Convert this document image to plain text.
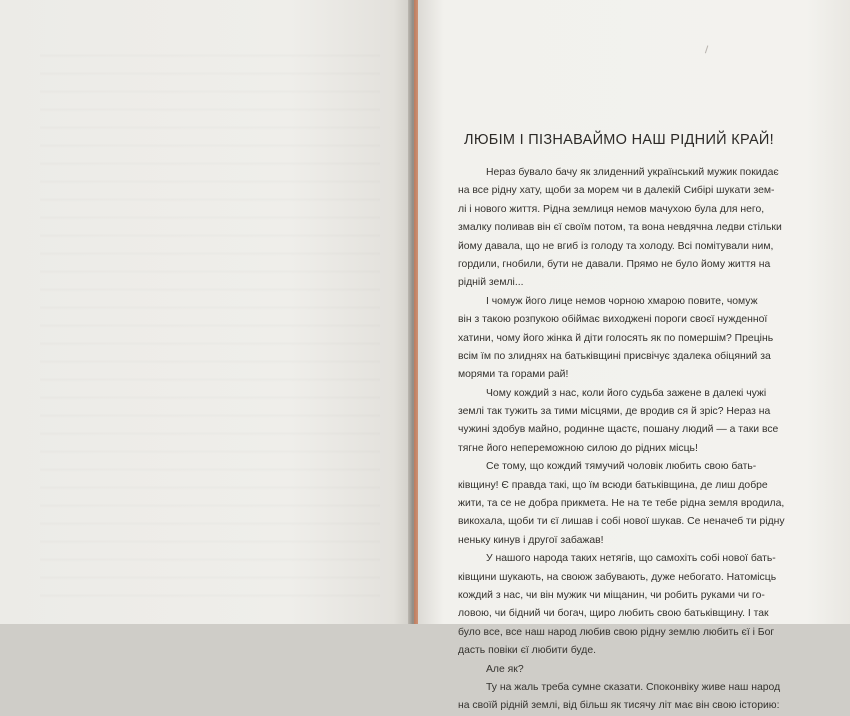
ЛЮБІМ І ПІЗНАВАЙМО НАШ РІДНИЙ КРАЙ!
Нераз бувало бачу як злиденний український мужик покидає
на все рідну хату, щоби за морем чи в далекій Сибірі шукати зем-
лі і нового життя. Рідна землиця немов мачухою була для него,
змалку поливав він єї своїм потом, та вона невдячна ледви стільки
йому давала, що не вгиб із голоду та холоду. Всі помітували ним,
гордили, гнобили, бути не давали. Прямо не було йому життя на
рідній землі...
І чомуж його лице немов чорною хмарою повите, чомуж
він з такою розпукою обіймає виходжені пороги своєї нужденної
хатини, чому його жінка й діти голосять як по помершім? Прецінь
всім їм по злиднях на батьківщині присвічує здалека обіцяний за
морями та горами рай!
Чому кождий з нас, коли його судьба зажене в далекі чужі
землі так тужить за тими місцями, де вродив ся й зріс? Нераз на
чужині здобув майно, родинне щастє, пошану людий — а таки все
тягне його непереможною силою до рідних місць!
Се тому, що кождий тямучий чоловік любить свою бать-
ківщину! Є правда такі, що їм всюди батьківщина, де лиш добре
жити, та се не добра прикмета. Не на те тебе рідна земля вродила,
викохала, щоби ти єї лишав і собі нової шукав. Се неначеб ти рідну
неньку кинув і другої забажав!
У нашого народа таких нетягів, що самохіть собі нової бать-
ківщини шукають, на своюж забувають, дуже небогато. Натомісць
кождий з нас, чи він мужик чи міщанин, чи робить руками чи го-
ловою, чи бідний чи богач, щиро любить свою батьківщину. І так
було все, все наш народ любив свою рідну землю любить єї і Бог
дасть повіки єї любити буде.
Але як?
Ту на жаль треба сумне сказати. Споконвіку живе наш народ
на своїй рідній землі, від більш як тисячу літ має він свою історию:
